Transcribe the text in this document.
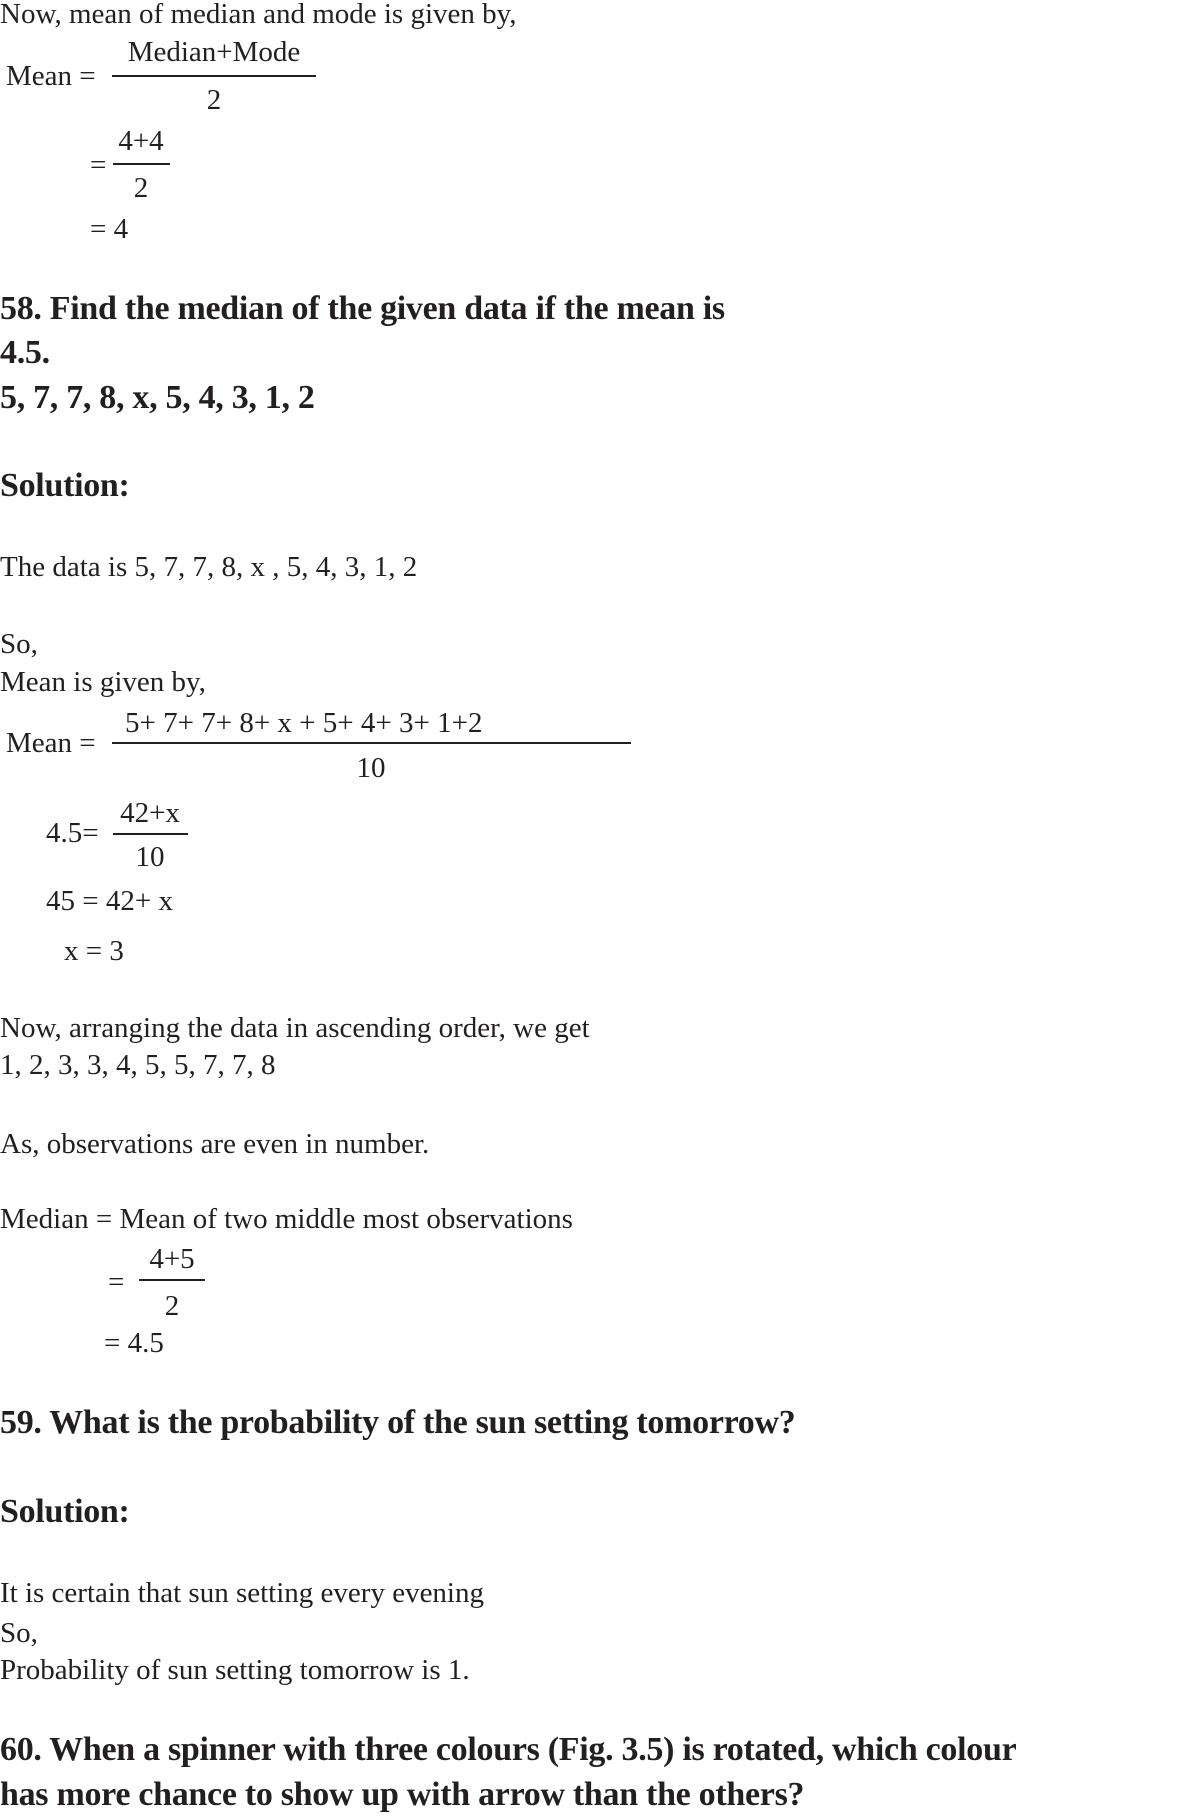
Now, mean of median and mode is given by,
Mean =
Median+Mode
2
=
4+4
2
= 4
58. Find the median of the given data if the mean is
4.5.
5, 7, 7, 8, x, 5, 4, 3, 1, 2
Solution:
The data is 5, 7, 7, 8, x , 5, 4, 3, 1, 2
So,
Mean is given by,
Mean =
5+ 7+ 7+ 8+ x + 5+ 4+ 3+ 1+2
10
4.5=
42+x
10
45 = 42+ x
x = 3
Now, arranging the data in ascending order, we get
1, 2, 3, 3, 4, 5, 5, 7, 7, 8
As, observations are even in number.
Median = Mean of two middle most observations
=
4+5
2
= 4.5
59. What is the probability of the sun setting tomorrow?
Solution:
It is certain that sun setting every evening
So,
Probability of sun setting tomorrow is 1.
60. When a spinner with three colours (Fig. 3.5) is rotated, which colour
has more chance to show up with arrow than the others?
